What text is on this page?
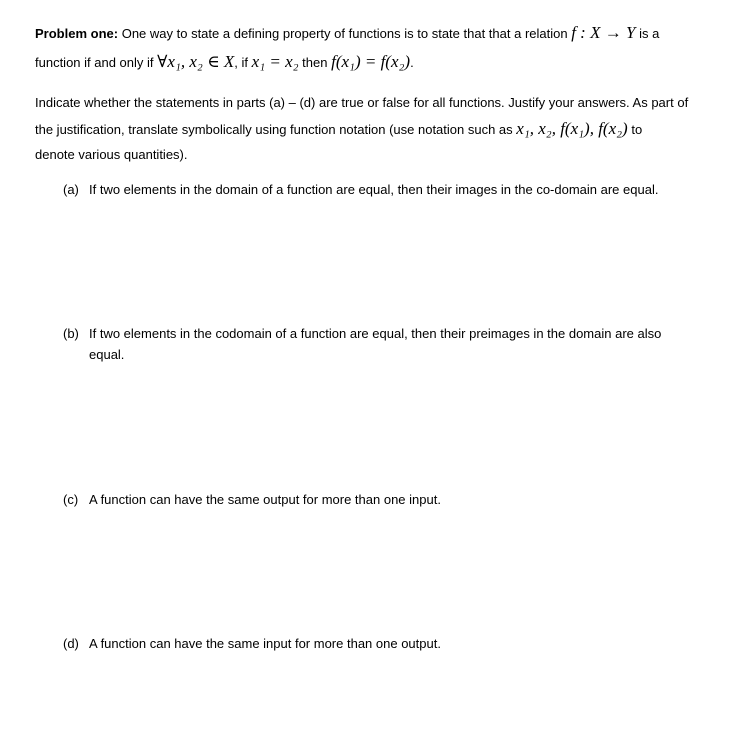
Problem one: One way to state a defining property of functions is to state that that a relation f : X → Y is a
function if and only if ∀x₁, x₂ ∈ X, if x₁ = x₂ then f(x₁) = f(x₂).
Indicate whether the statements in parts (a) – (d) are true or false for all functions. Justify your answers. As part of
the justification, translate symbolically using function notation (use notation such as x₁, x₂, f(x₁), f(x₂) to
denote various quantities).
(a) If two elements in the domain of a function are equal, then their images in the co-domain are equal.
(b) If two elements in the codomain of a function are equal, then their preimages in the domain are also
equal.
(c) A function can have the same output for more than one input.
(d) A function can have the same input for more than one output.
